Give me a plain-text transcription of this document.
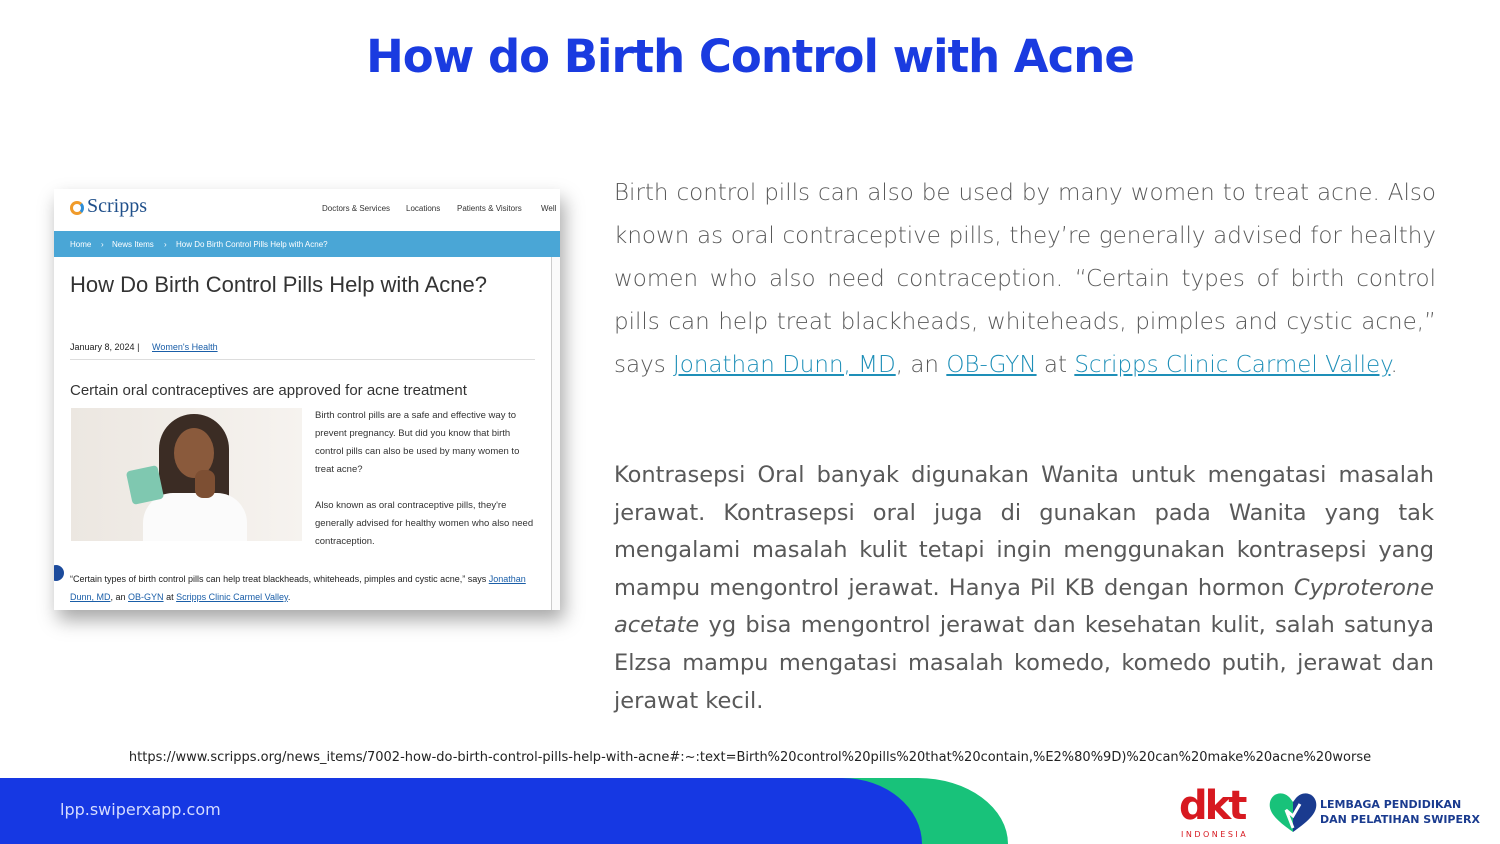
How do Birth Control with Acne
Scripps	Doctors & Services Locations Patients & Visitors Well
Home › News Items › How Do Birth Control Pills Help with Acne?
How Do Birth Control Pills Help with Acne?
January 8, 2024 | Women's Health
Certain oral contraceptives are approved for acne treatment
Birth control pills are a safe and effective way to prevent pregnancy. But did you know that birth control pills can also be used by many women to treat acne?
Also known as oral contraceptive pills, they're generally advised for healthy women who also need contraception.
“Certain types of birth control pills can help treat blackheads, whiteheads, pimples and cystic acne,” says Jonathan Dunn, MD, an OB-GYN at Scripps Clinic Carmel Valley.
Birth control pills can also be used by many women to treat acne. Also known as oral contraceptive pills, they’re generally advised for healthy women who also need contraception. “Certain types of birth control pills can help treat blackheads, whiteheads, pimples and cystic acne,” says Jonathan Dunn, MD, an OB-GYN at Scripps Clinic Carmel Valley.
Kontrasepsi Oral banyak digunakan Wanita untuk mengatasi masalah jerawat. Kontrasepsi oral juga di gunakan pada Wanita yang tak mengalami masalah kulit tetapi ingin menggunakan kontrasepsi yang mampu mengontrol jerawat. Hanya Pil KB dengan hormon Cyproterone acetate yg bisa mengontrol jerawat dan kesehatan kulit, salah satunya Elzsa mampu mengatasi masalah komedo, komedo putih, jerawat dan jerawat kecil.
https://www.scripps.org/news_items/7002-how-do-birth-control-pills-help-with-acne#:~:text=Birth%20control%20pills%20that%20contain,%E2%80%9D)%20can%20make%20acne%20worse
lpp.swiperxapp.com	dkt
INDONESIA
LEMBAGA PENDIDIKAN
DAN PELATIHAN SWIPERX
